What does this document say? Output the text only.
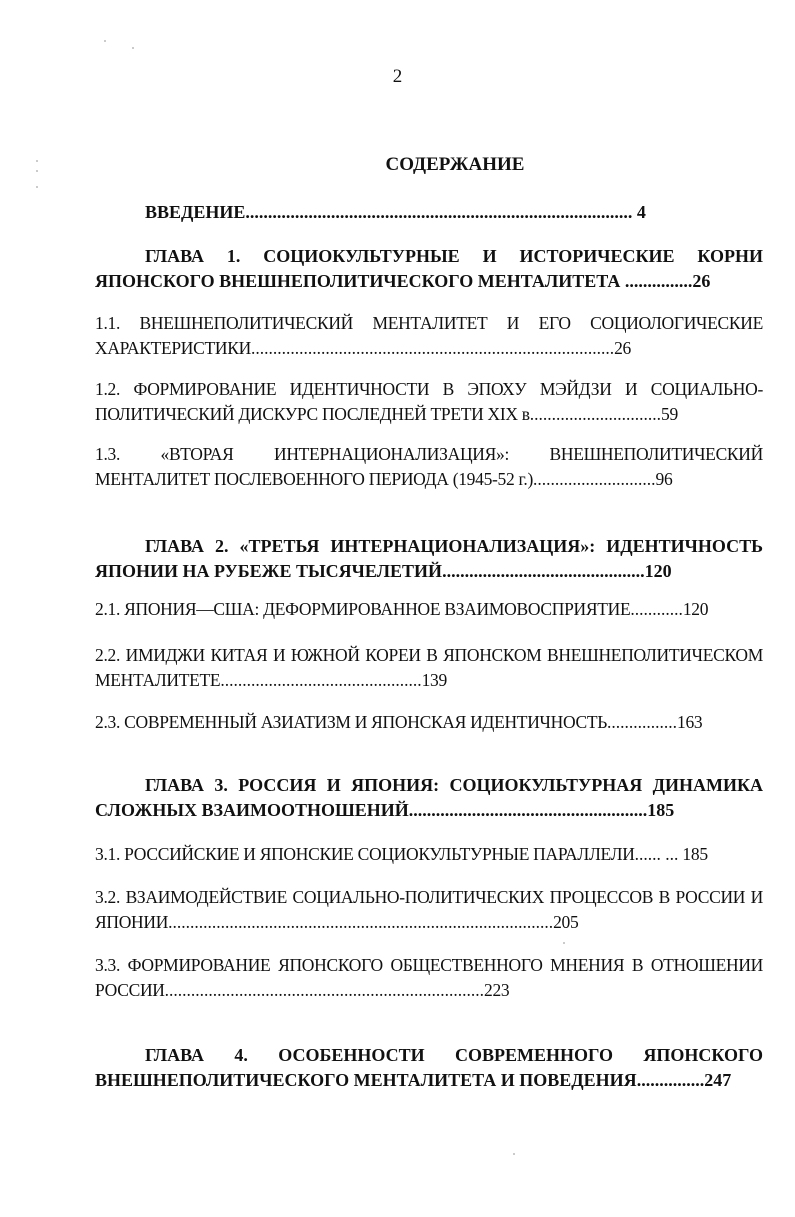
2
СОДЕРЖАНИЕ
ВВЕДЕНИЕ...................................................................................... 4
ГЛАВА 1. СОЦИОКУЛЬТУРНЫЕ И ИСТОРИЧЕСКИЕ КОРНИ ЯПОНСКОГО ВНЕШНЕПОЛИТИЧЕСКОГО МЕНТАЛИТЕТА ...............26
1.1. ВНЕШНЕПОЛИТИЧЕСКИЙ МЕНТАЛИТЕТ И ЕГО СОЦИОЛОГИЧЕСКИЕ ХАРАКТЕРИСТИКИ...................................................................................26
1.2. ФОРМИРОВАНИЕ ИДЕНТИЧНОСТИ В ЭПОХУ МЭЙДЗИ И СОЦИАЛЬНО-ПОЛИТИЧЕСКИЙ ДИСКУРС ПОСЛЕДНЕЙ ТРЕТИ XIX в..............................59
1.3. «ВТОРАЯ ИНТЕРНАЦИОНАЛИЗАЦИЯ»: ВНЕШНЕПОЛИТИЧЕСКИЙ МЕНТАЛИТЕТ ПОСЛЕВОЕННОГО ПЕРИОДА (1945-52 г.)............................96
ГЛАВА 2. «ТРЕТЬЯ ИНТЕРНАЦИОНАЛИЗАЦИЯ»: ИДЕНТИЧНОСТЬ ЯПОНИИ НА РУБЕЖЕ ТЫСЯЧЕЛЕТИЙ.............................................120
2.1. ЯПОНИЯ—США: ДЕФОРМИРОВАННОЕ ВЗАИМОВОСПРИЯТИЕ............120
2.2. ИМИДЖИ КИТАЯ И ЮЖНОЙ КОРЕИ В ЯПОНСКОМ ВНЕШНЕПОЛИТИЧЕСКОМ МЕНТАЛИТЕТЕ..............................................139
2.3. СОВРЕМЕННЫЙ АЗИАТИЗМ И ЯПОНСКАЯ ИДЕНТИЧНОСТЬ................163
ГЛАВА 3. РОССИЯ И ЯПОНИЯ: СОЦИОКУЛЬТУРНАЯ ДИНАМИКА СЛОЖНЫХ ВЗАИМООТНОШЕНИЙ.....................................................185
3.1. РОССИЙСКИЕ И ЯПОНСКИЕ СОЦИОКУЛЬТУРНЫЕ ПАРАЛЛЕЛИ...... ... 185
3.2. ВЗАИМОДЕЙСТВИЕ СОЦИАЛЬНО-ПОЛИТИЧЕСКИХ ПРОЦЕССОВ В РОССИИ И ЯПОНИИ........................................................................................205
3.3. ФОРМИРОВАНИЕ ЯПОНСКОГО ОБЩЕСТВЕННОГО МНЕНИЯ В ОТНОШЕНИИ РОССИИ.........................................................................223
ГЛАВА 4. ОСОБЕННОСТИ СОВРЕМЕННОГО ЯПОНСКОГО ВНЕШНЕПОЛИТИЧЕСКОГО МЕНТАЛИТЕТА И ПОВЕДЕНИЯ...............247
